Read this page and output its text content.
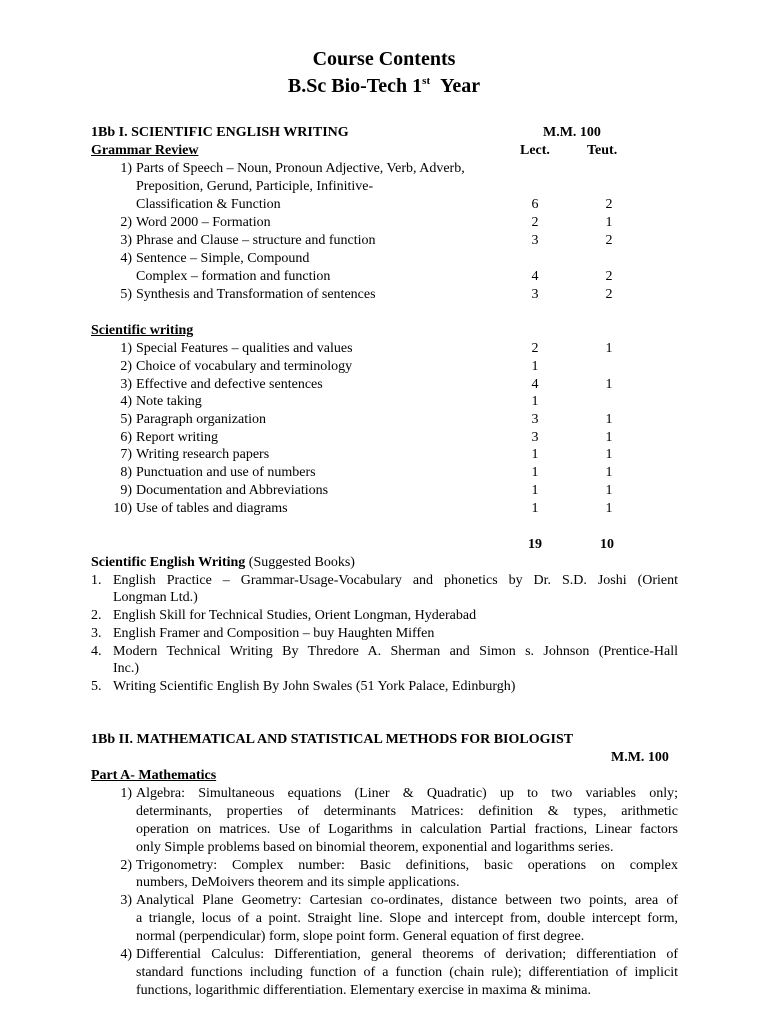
Course Contents
B.Sc Bio-Tech 1st Year
1Bb I. SCIENTIFIC ENGLISH WRITING	M.M. 100
Grammar Review	Lect.	Teut.
1) Parts of Speech – Noun, Pronoun Adjective, Verb, Adverb,
Preposition, Gerund, Participle, Infinitive-
Classification & Function	6	2
2) Word 2000 – Formation	2	1
3) Phrase and Clause – structure and function	3	2
4) Sentence – Simple, Compound
Complex – formation and function	4	2
5) Synthesis and Transformation of sentences	3	2
Scientific writing
1) Special Features – qualities and values	2	1
2) Choice of vocabulary and terminology	1
3) Effective and defective sentences	4	1
4) Note taking	1
5) Paragraph organization	3	1
6) Report writing	3	1
7) Writing research papers	1	1
8) Punctuation and use of numbers	1	1
9) Documentation and Abbreviations	1	1
10) Use of tables and diagrams	1	1
19	10
Scientific English Writing (Suggested Books)
1. English Practice – Grammar-Usage-Vocabulary and phonetics by Dr. S.D. Joshi (Orient
Longman Ltd.)
2. English Skill for Technical Studies, Orient Longman, Hyderabad
3. English Framer and Composition – buy Haughten Miffen
4. Modern Technical Writing By Thredore A. Sherman and Simon s. Johnson (Prentice-Hall
Inc.)
5. Writing Scientific English By John Swales (51 York Palace, Edinburgh)
1Bb II. MATHEMATICAL AND STATISTICAL METHODS FOR BIOLOGIST
M.M. 100
Part A- Mathematics
1) Algebra: Simultaneous equations (Liner & Quadratic) up to two variables only;
determinants, properties of determinants Matrices: definition & types, arithmetic
operation on matrices. Use of Logarithms in calculation Partial fractions, Linear factors
only Simple problems based on binomial theorem, exponential and logarithms series.
2) Trigonometry: Complex number: Basic definitions, basic operations on complex
numbers, DeMoivers theorem and its simple applications.
3) Analytical Plane Geometry: Cartesian co-ordinates, distance between two points, area of
a triangle, locus of a point. Straight line. Slope and intercept from, double intercept form,
normal (perpendicular) form, slope point form. General equation of first degree.
4) Differential Calculus: Differentiation, general theorems of derivation; differentiation of
standard functions including function of a function (chain rule); differentiation of implicit
functions, logarithmic differentiation. Elementary exercise in maxima & minima.
